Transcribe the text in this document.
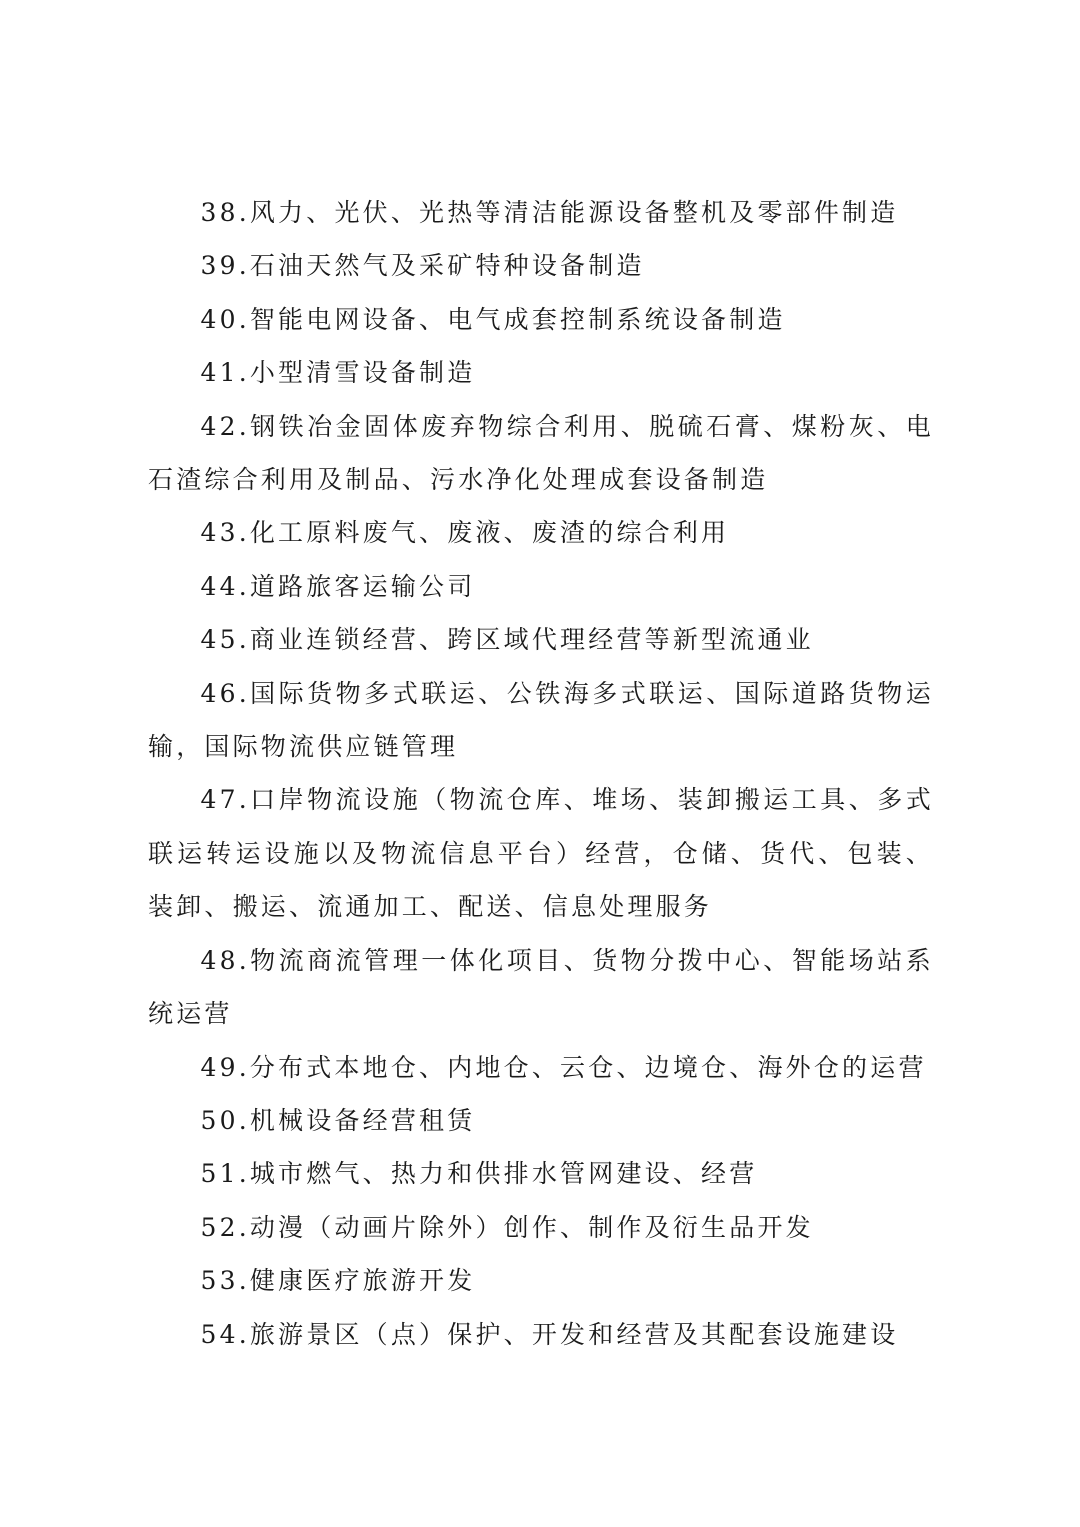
38.风力、光伏、光热等清洁能源设备整机及零部件制造

39.石油天然气及采矿特种设备制造

40.智能电网设备、电气成套控制系统设备制造

41.小型清雪设备制造

42.钢铁冶金固体废弃物综合利用、脱硫石膏、煤粉灰、电石渣综合利用及制品、污水净化处理成套设备制造

43.化工原料废气、废液、废渣的综合利用

44.道路旅客运输公司

45.商业连锁经营、跨区域代理经营等新型流通业

46.国际货物多式联运、公铁海多式联运、国际道路货物运输，国际物流供应链管理

47.口岸物流设施（物流仓库、堆场、装卸搬运工具、多式联运转运设施以及物流信息平台）经营，仓储、货代、包装、装卸、搬运、流通加工、配送、信息处理服务

48.物流商流管理一体化项目、货物分拨中心、智能场站系统运营

49.分布式本地仓、内地仓、云仓、边境仓、海外仓的运营

50.机械设备经营租赁

51.城市燃气、热力和供排水管网建设、经营

52.动漫（动画片除外）创作、制作及衍生品开发

53.健康医疗旅游开发

54.旅游景区（点）保护、开发和经营及其配套设施建设
